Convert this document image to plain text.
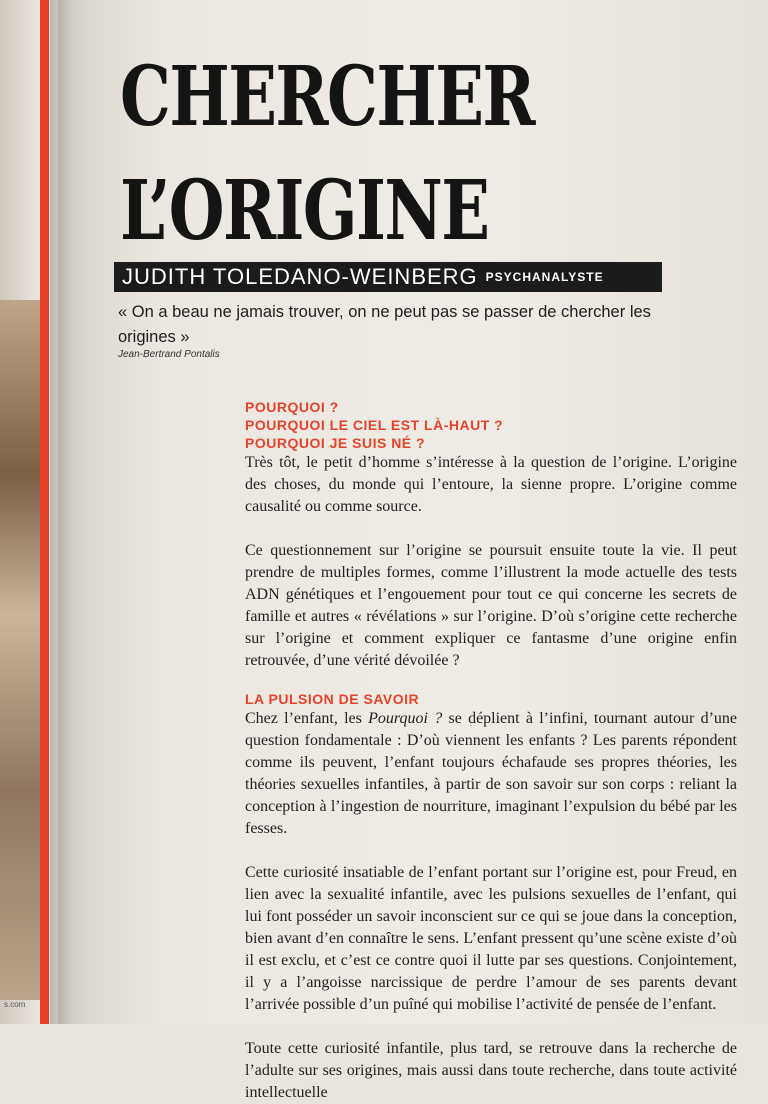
s.com
CHERCHER
L’ORIGINE
JUDITH TOLEDANO-WEINBERG PSYCHANALYSTE
« On a beau ne jamais trouver, on ne peut pas se passer de chercher les origines »
Jean-Bertrand Pontalis

POURQUOI ?

POURQUOI LE CIEL EST LÀ-HAUT ?

POURQUOI JE SUIS NÉ ?

Très tôt, le petit d’homme s’intéresse à la question de l’origine. L’origine des choses, du monde qui l’entoure, la sienne propre. L’origine comme causalité ou comme source.

Ce questionnement sur l’origine se poursuit ensuite toute la vie. Il peut prendre de multiples formes, comme l’illustrent la mode actuelle des tests ADN génétiques et l’engouement pour tout ce qui concerne les secrets de famille et autres « révélations » sur l’origine. D’où s’origine cette recherche sur l’origine et comment expliquer ce fantasme d’une origine enfin retrouvée, d’une vérité dévoilée ?

LA PULSION DE SAVOIR

Chez l’enfant, les Pourquoi ? se déplient à l’infini, tournant autour d’une question fondamentale : D’où viennent les enfants ? Les parents répondent comme ils peuvent, l’enfant toujours échafaude ses propres théories, les théories sexuelles infantiles, à partir de son savoir sur son corps : reliant la conception à l’ingestion de nourriture, imaginant l’expulsion du bébé par les fesses.

Cette curiosité insatiable de l’enfant portant sur l’origine est, pour Freud, en lien avec la sexualité infantile, avec les pulsions sexuelles de l’enfant, qui lui font posséder un savoir inconscient sur ce qui se joue dans la conception, bien avant d’en connaître le sens. L’enfant pressent qu’une scène existe d’où il est exclu, et c’est ce contre quoi il lutte par ses questions. Conjointement, il y a l’angoisse narcissique de perdre l’amour de ses parents devant l’arrivée possible d’un puîné qui mobilise l’activité de pensée de l’enfant.

Toute cette curiosité infantile, plus tard, se retrouve dans la recherche de l’adulte sur ses origines, mais aussi dans toute recherche, dans toute activité intellectuelle
